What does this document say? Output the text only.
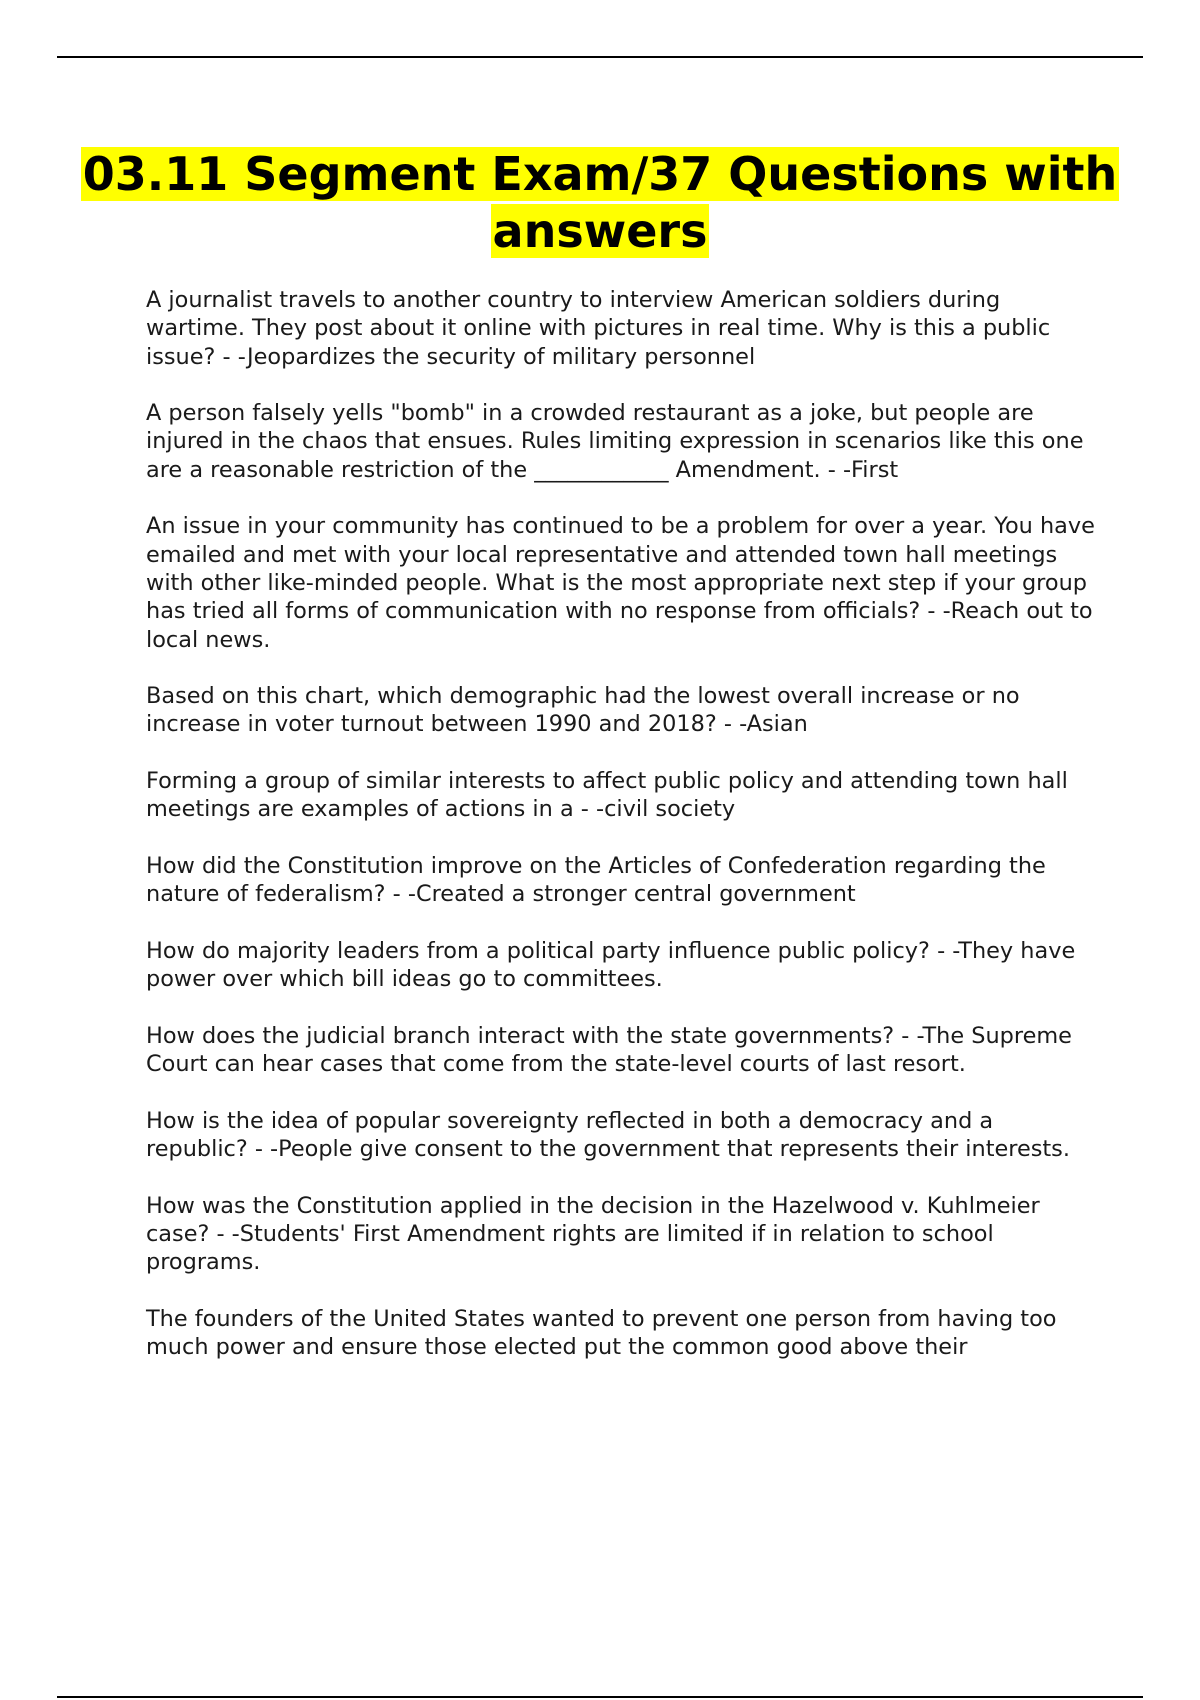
03.11 Segment Exam/37 Questions with answers
A journalist travels to another country to interview American soldiers during wartime. They post about it online with pictures in real time. Why is this a public issue? - -Jeopardizes the security of military personnel
A person falsely yells "bomb" in a crowded restaurant as a joke, but people are injured in the chaos that ensues. Rules limiting expression in scenarios like this one are a reasonable restriction of the ____________ Amendment. - -First
An issue in your community has continued to be a problem for over a year. You have emailed and met with your local representative and attended town hall meetings with other like-minded people. What is the most appropriate next step if your group has tried all forms of communication with no response from officials? - -Reach out to local news.
Based on this chart, which demographic had the lowest overall increase or no increase in voter turnout between 1990 and 2018? - -Asian
Forming a group of similar interests to affect public policy and attending town hall meetings are examples of actions in a - -civil society
How did the Constitution improve on the Articles of Confederation regarding the nature of federalism? - -Created a stronger central government
How do majority leaders from a political party influence public policy? - -They have power over which bill ideas go to committees.
How does the judicial branch interact with the state governments? - -The Supreme Court can hear cases that come from the state-level courts of last resort.
How is the idea of popular sovereignty reflected in both a democracy and a republic? - -People give consent to the government that represents their interests.
How was the Constitution applied in the decision in the Hazelwood v. Kuhlmeier case? - -Students' First Amendment rights are limited if in relation to school programs.
The founders of the United States wanted to prevent one person from having too much power and ensure those elected put the common good above their
